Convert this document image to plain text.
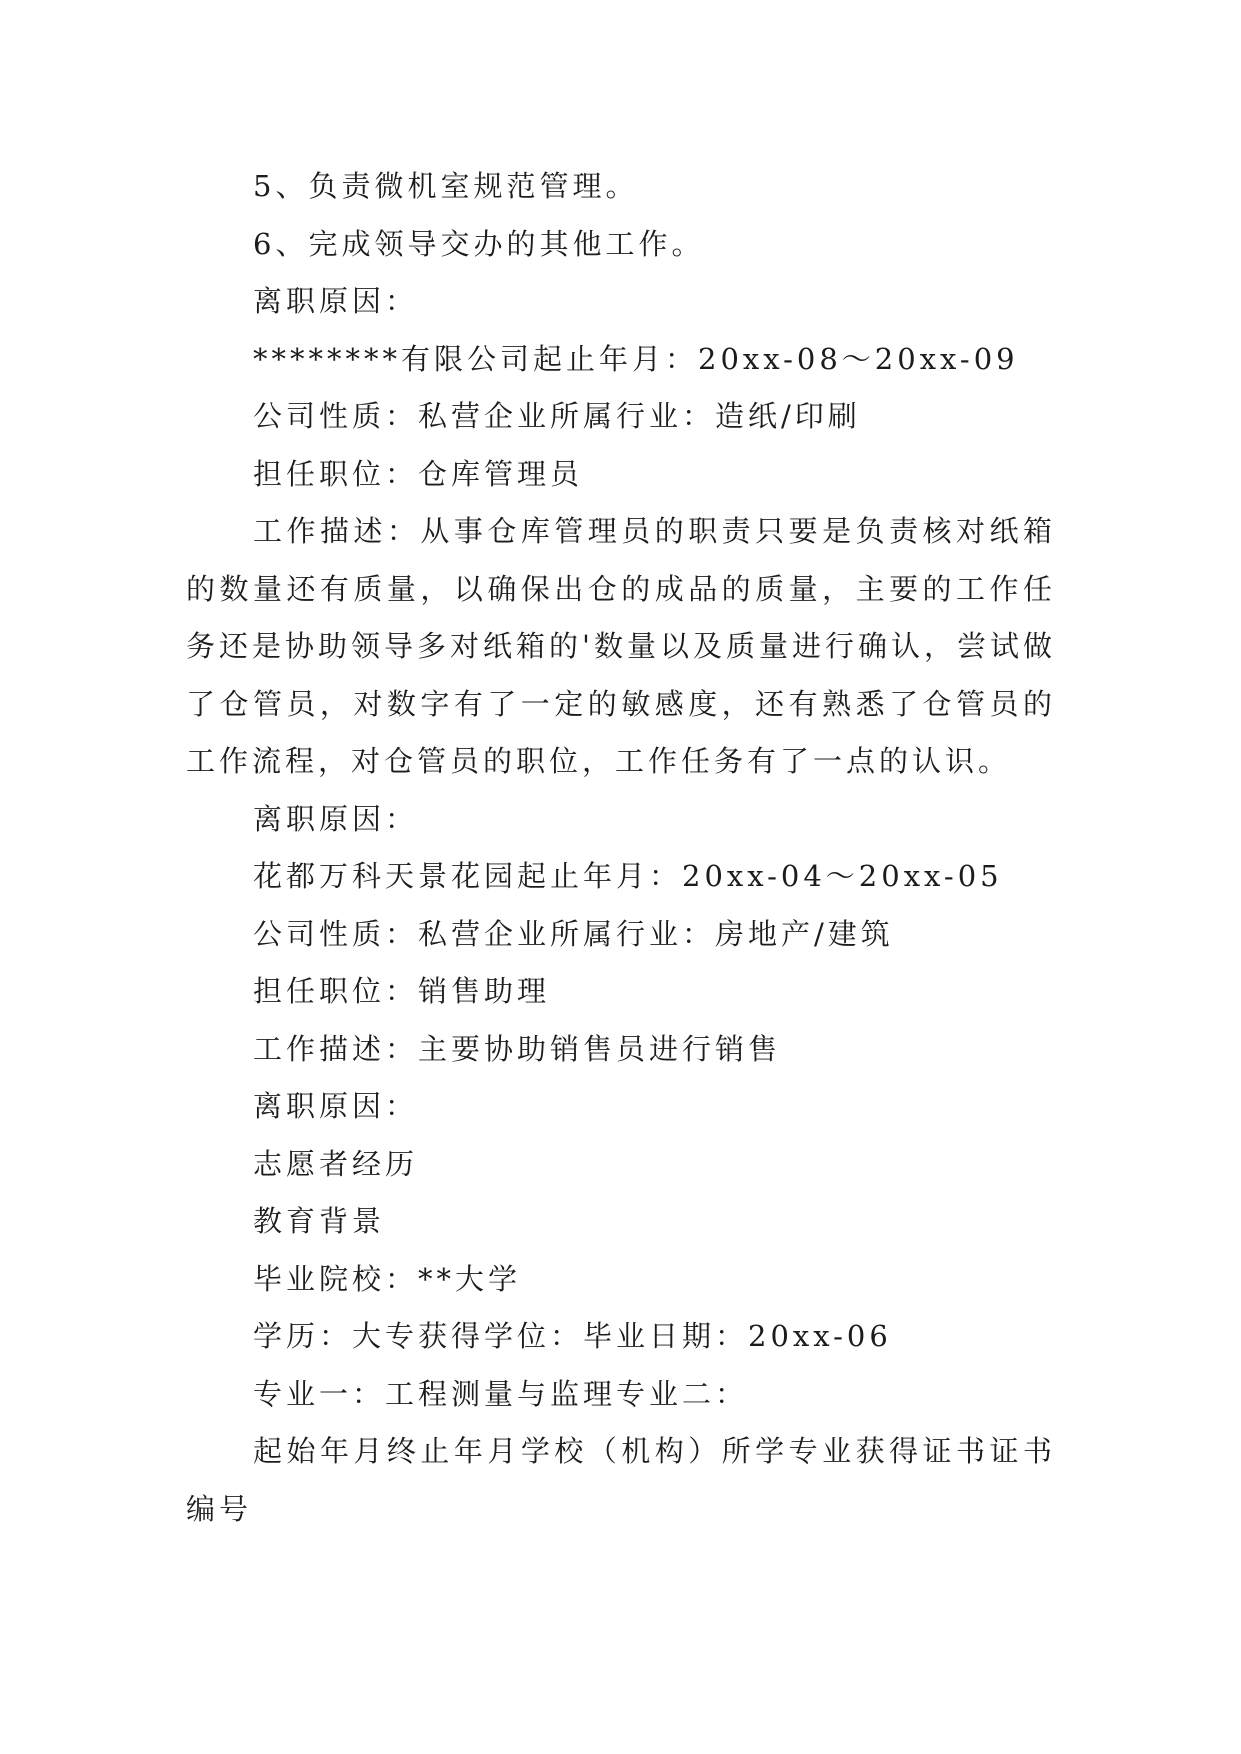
5、负责微机室规范管理。
6、完成领导交办的其他工作。
离职原因：
********有限公司起止年月：20xx-08～20xx-09
公司性质：私营企业所属行业：造纸/印刷
担任职位：仓库管理员

工作描述：从事仓库管理员的职责只要是负责核对纸箱的数量还有质量，以确保出仓的成品的质量，主要的工作任务还是协助领导多对纸箱的'数量以及质量进行确认，尝试做了仓管员，对数字有了一定的敏感度，还有熟悉了仓管员的工作流程，对仓管员的职位，工作任务有了一点的认识。

离职原因：
花都万科天景花园起止年月：20xx-04～20xx-05
公司性质：私营企业所属行业：房地产/建筑
担任职位：销售助理
工作描述：主要协助销售员进行销售
离职原因：
志愿者经历
教育背景
毕业院校：**大学
学历：大专获得学位：毕业日期：20xx-06
专业一：工程测量与监理专业二：

起始年月终止年月学校（机构）所学专业获得证书证书编号
